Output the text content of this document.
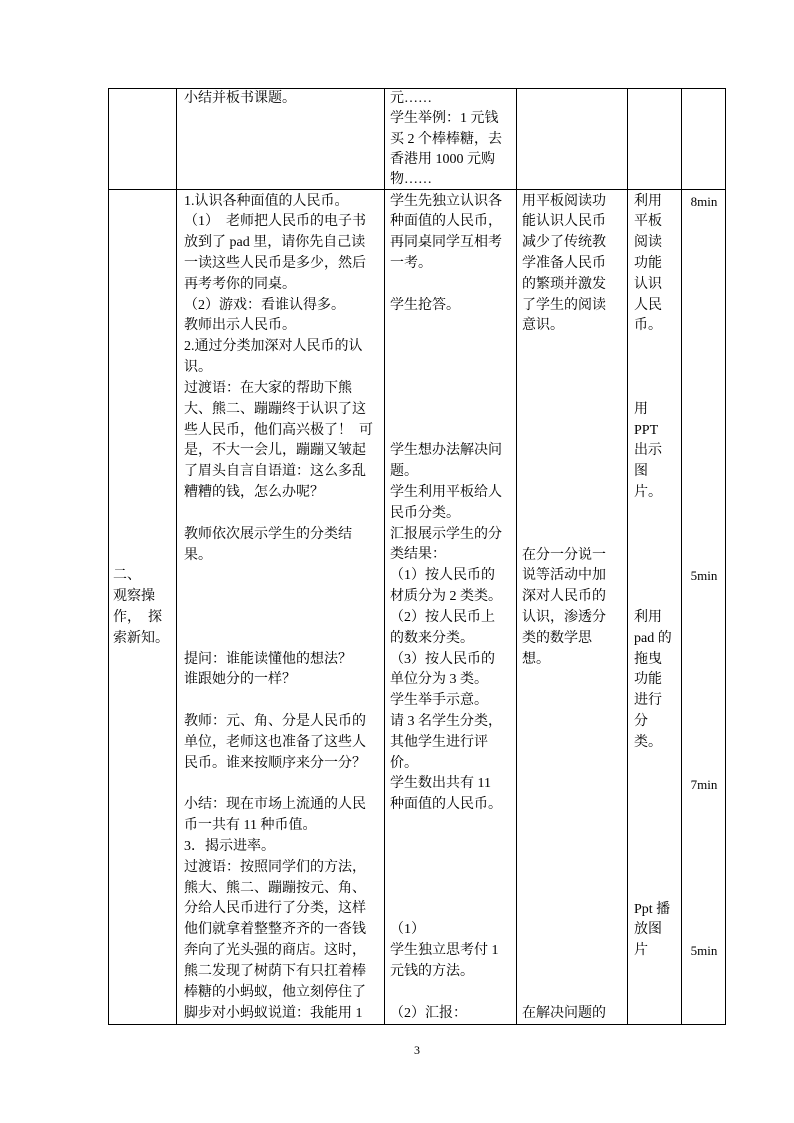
小结并板书课题。	元……
学生举例：1 元钱
买 2 个棒棒糖，去
香港用 1000 元购
物……
二、
观察操
作，  探
索新知。
1.认识各种面值的人民币。
（1）  老师把人民币的电子书
放到了 pad 里，请你先自己读
一读这些人民币是多少，然后
再考考你的同桌。
（2）游戏：看谁认得多。
教师出示人民币。
2.通过分类加深对人民币的认
识。
过渡语：在大家的帮助下熊
大、熊二、蹦蹦终于认识了这
些人民币，他们高兴极了！  可
是，不大一会儿，蹦蹦又皱起
了眉头自言自语道：这么多乱
糟糟的钱，怎么办呢？
教师依次展示学生的分类结
果。
提问：谁能读懂他的想法？
谁跟她分的一样？
教师：元、角、分是人民币的
单位，老师这也准备了这些人
民币。谁来按顺序来分一分？
小结：现在市场上流通的人民
币一共有 11 种币值。
3．揭示进率。
过渡语：按照同学们的方法，
熊大、熊二、蹦蹦按元、角、
分给人民币进行了分类，这样
他们就拿着整整齐齐的一沓钱
奔向了光头强的商店。这时，
熊二发现了树荫下有只扛着棒
棒糖的小蚂蚁，他立刻停住了
脚步对小蚂蚁说道：我能用 1
学生先独立认识各
种面值的人民币，
再同桌同学互相考
一考。
学生抢答。
学生想办法解决问
题。
学生利用平板给人
民币分类。
汇报展示学生的分
类结果：
（1）按人民币的
材质分为 2 类类。
（2）按人民币上
的数来分类。
（3）按人民币的
单位分为 3 类。
学生举手示意。
请 3 名学生分类，
其他学生进行评
价。
学生数出共有 11
种面值的人民币。
（1）
学生独立思考付 1
元钱的方法。
（2）汇报：
用平板阅读功
能认识人民币
减少了传统教
学准备人民币
的繁琐并激发
了学生的阅读
意识。
在分一分说一
说等活动中加
深对人民币的
认识，渗透分
类的数学思
想。
在解决问题的
利用
平板
阅读
功能
认识
人民
币。
用
PPT
出示
图
片。
利用
pad 的
拖曳
功能
进行
分
类。
Ppt 播
放图
片
8min
5min
7min
5min
3
